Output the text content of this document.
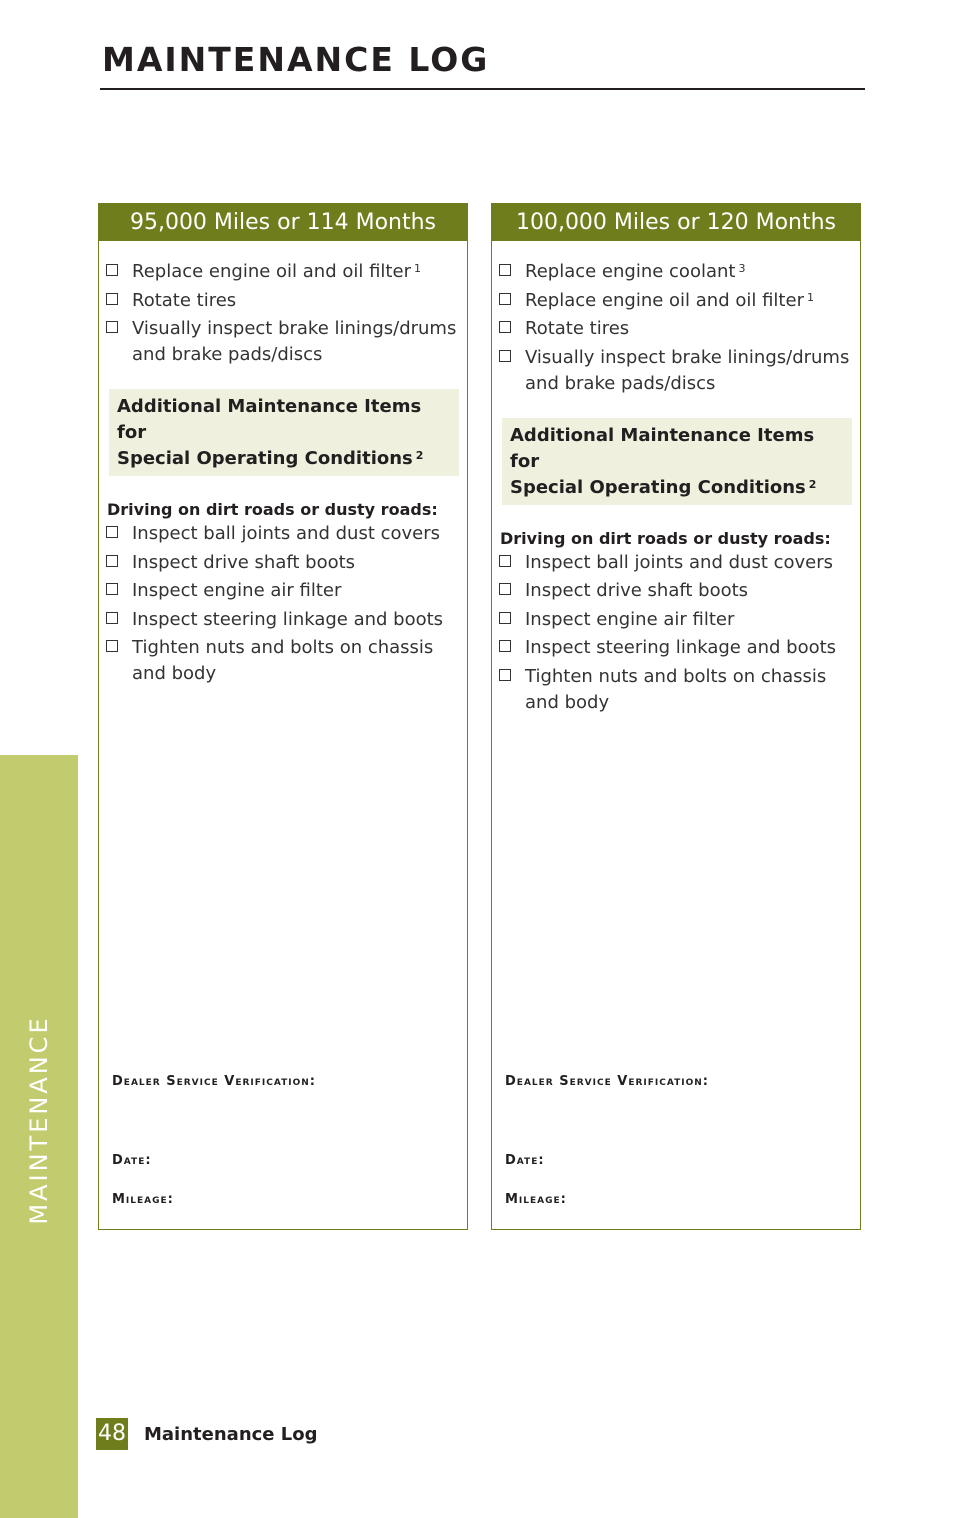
MAINTENANCE LOG
MAINTENANCE
95,000 Miles or 114 Months
Replace engine oil and oil filter $^1$
Rotate tires
Visually inspect brake linings/drums
and brake pads/discs
Additional Maintenance Items for
Special Operating Conditions $^2$
Driving on dirt roads or dusty roads:
Inspect ball joints and dust covers
Inspect drive shaft boots
Inspect engine air filter
Inspect steering linkage and boots
Tighten nuts and bolts on chassis
and body
Dealer Service Verification:
Date:
Mileage:
100,000 Miles or 120 Months
Replace engine coolant $^3$
Replace engine oil and oil filter $^1$
Rotate tires
Visually inspect brake linings/drums
and brake pads/discs
Additional Maintenance Items for
Special Operating Conditions $^2$
Driving on dirt roads or dusty roads:
Inspect ball joints and dust covers
Inspect drive shaft boots
Inspect engine air filter
Inspect steering linkage and boots
Tighten nuts and bolts on chassis
and body
Dealer Service Verification:
Date:
Mileage:
48 Maintenance Log
